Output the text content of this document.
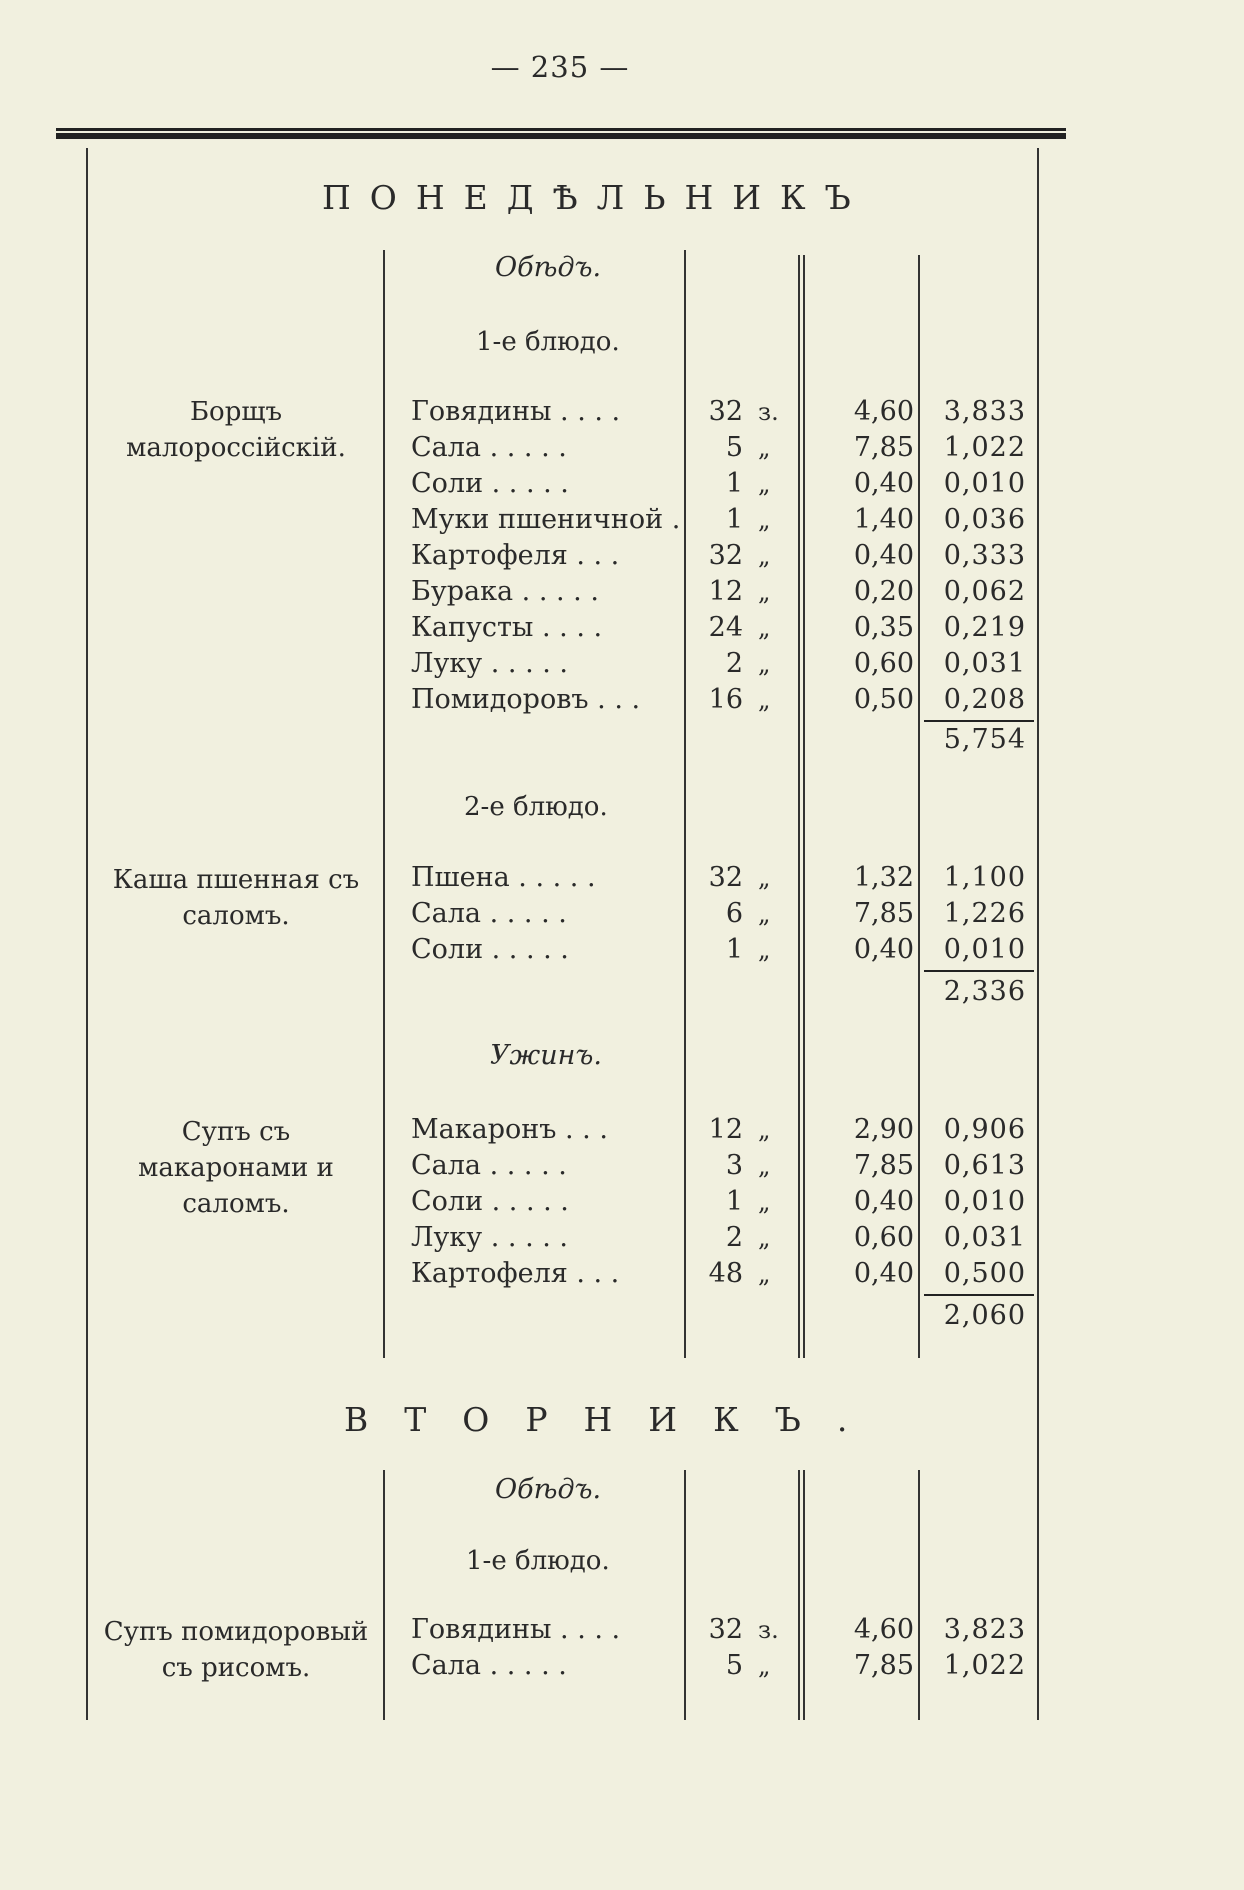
— 235 —
ПОНЕДѢЛЬНИКЪ
Обѣдъ.
1-е блюдо.
Борщъ малороссійскій.
Говядины . . . .	32 з.	4,60	3,833
Сала . . . . .	5 „	7,85	1,022
Соли . . . . .	1 „	0,40	0,010
Муки пшеничной .	1 „	1,40	0,036
Картофеля . . .	32 „	0,40	0,333
Бурака . . . . .	12 „	0,20	0,062
Капусты . . . .	24 „	0,35	0,219
Луку . . . . .	2 „	0,60	0,031
Помидоровъ . . .	16 „	0,50	0,208
5,754
2-е блюдо.
Каша пшенная съ саломъ.
Пшена . . . . .	32 „	1,32	1,100
Сала . . . . .	6 „	7,85	1,226
Соли . . . . .	1 „	0,40	0,010
2,336
Ужинъ.
Супъ съ макаронами и саломъ.
Макаронъ . . .	12 „	2,90	0,906
Сала . . . . .	3 „	7,85	0,613
Соли . . . . .	1 „	0,40	0,010
Луку . . . . .	2 „	0,60	0,031
Картофеля . . .	48 „	0,40	0,500
2,060
ВТОРНИКЪ.
Обѣдъ.
1-е блюдо.
Супъ помидоровый съ рисомъ.
Говядины . . . .	32 з.	4,60	3,823
Сала . . . . .	5 „	7,85	1,022
